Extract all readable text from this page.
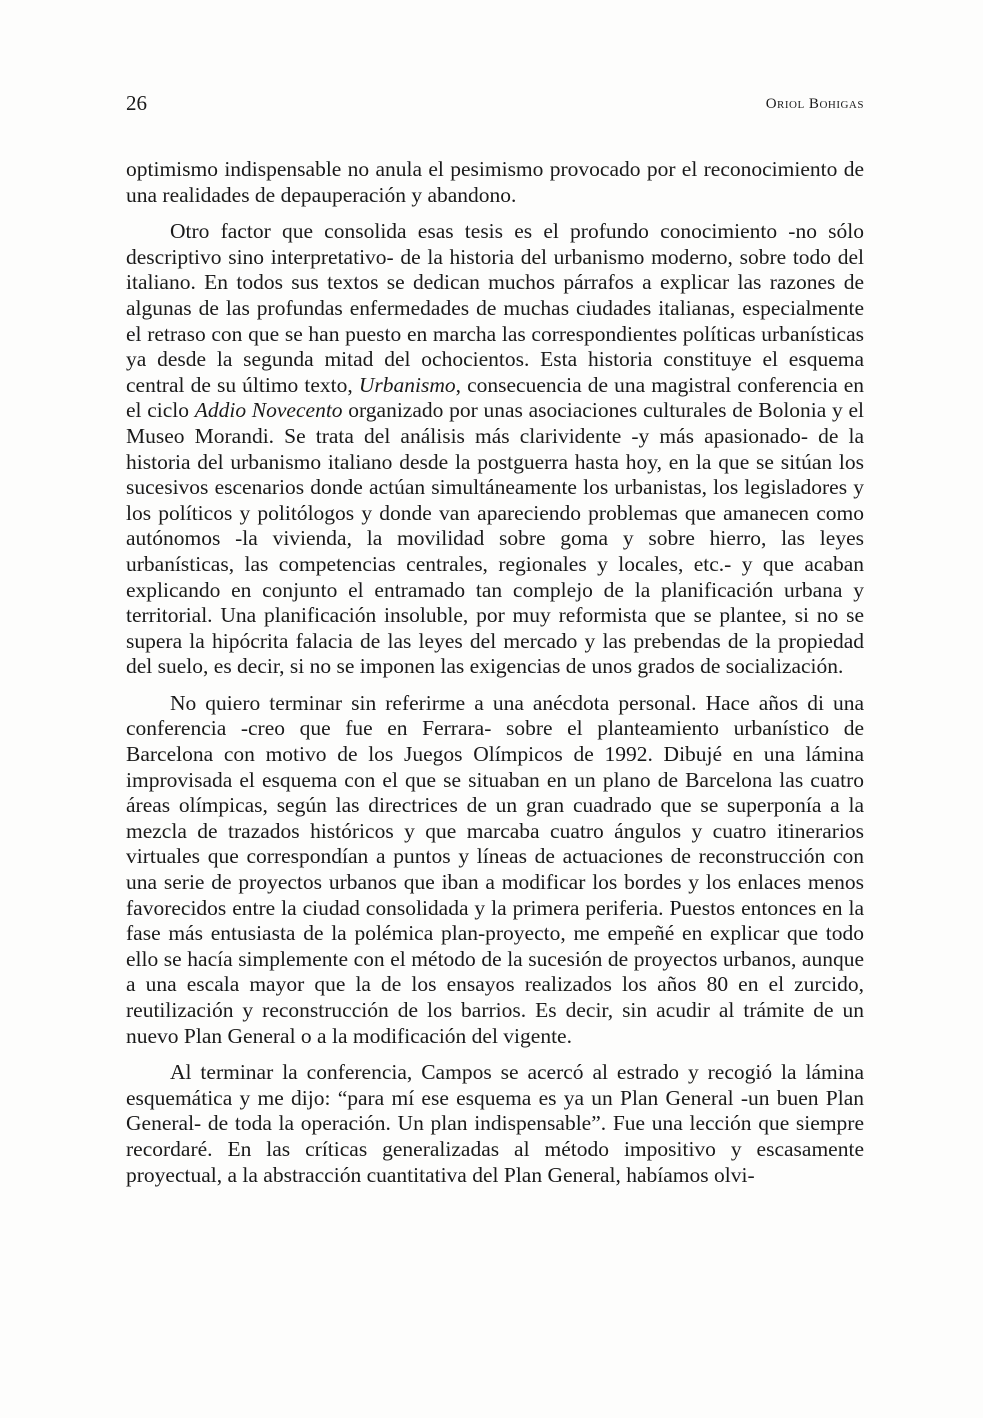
26	Oriol Bohigas

optimismo indispensable no anula el pesimismo provocado por el reconocimiento de una realidades de depauperación y abandono.

Otro factor que consolida esas tesis es el profundo conocimiento -no sólo descriptivo sino interpretativo- de la historia del urbanismo moderno, sobre todo del italiano. En todos sus textos se dedican muchos párrafos a explicar las razones de algunas de las profundas enfermedades de muchas ciudades italianas, especialmente el retraso con que se han puesto en marcha las correspondientes políticas urbanísticas ya desde la segunda mitad del ochocientos. Esta historia constituye el esquema central de su último texto, Urbanismo, consecuencia de una magistral conferencia en el ciclo Addio Novecento organizado por unas asociaciones culturales de Bolonia y el Museo Morandi. Se trata del análisis más clarividente -y más apasionado- de la historia del urbanismo italiano desde la postguerra hasta hoy, en la que se sitúan los sucesivos escenarios donde actúan simultáneamente los urbanistas, los legisladores y los políticos y politólogos y donde van apareciendo problemas que amanecen como autónomos -la vivienda, la movilidad sobre goma y sobre hierro, las leyes urbanísticas, las competencias centrales, regionales y locales, etc.- y que acaban explicando en conjunto el entramado tan complejo de la planificación urbana y territorial. Una planificación insoluble, por muy reformista que se plantee, si no se supera la hipócrita falacia de las leyes del mercado y las prebendas de la propiedad del suelo, es decir, si no se imponen las exigencias de unos grados de socialización.

No quiero terminar sin referirme a una anécdota personal. Hace años di una conferencia -creo que fue en Ferrara- sobre el planteamiento urbanístico de Barcelona con motivo de los Juegos Olímpicos de 1992. Dibujé en una lámina improvisada el esquema con el que se situaban en un plano de Barcelona las cuatro áreas olímpicas, según las directrices de un gran cuadrado que se superponía a la mezcla de trazados históricos y que marcaba cuatro ángulos y cuatro itinerarios virtuales que correspondían a puntos y líneas de actuaciones de reconstrucción con una serie de proyectos urbanos que iban a modificar los bordes y los enlaces menos favorecidos entre la ciudad consolidada y la primera periferia. Puestos entonces en la fase más entusiasta de la polémica plan-proyecto, me empeñé en explicar que todo ello se hacía simplemente con el método de la sucesión de proyectos urbanos, aunque a una escala mayor que la de los ensayos realizados los años 80 en el zurcido, reutilización y reconstrucción de los barrios. Es decir, sin acudir al trámite de un nuevo Plan General o a la modificación del vigente.

Al terminar la conferencia, Campos se acercó al estrado y recogió la lámina esquemática y me dijo: “para mí ese esquema es ya un Plan General -un buen Plan General- de toda la operación. Un plan indispensable”. Fue una lección que siempre recordaré. En las críticas generalizadas al método impositivo y escasamente proyectual, a la abstracción cuantitativa del Plan General, habíamos olvi-
